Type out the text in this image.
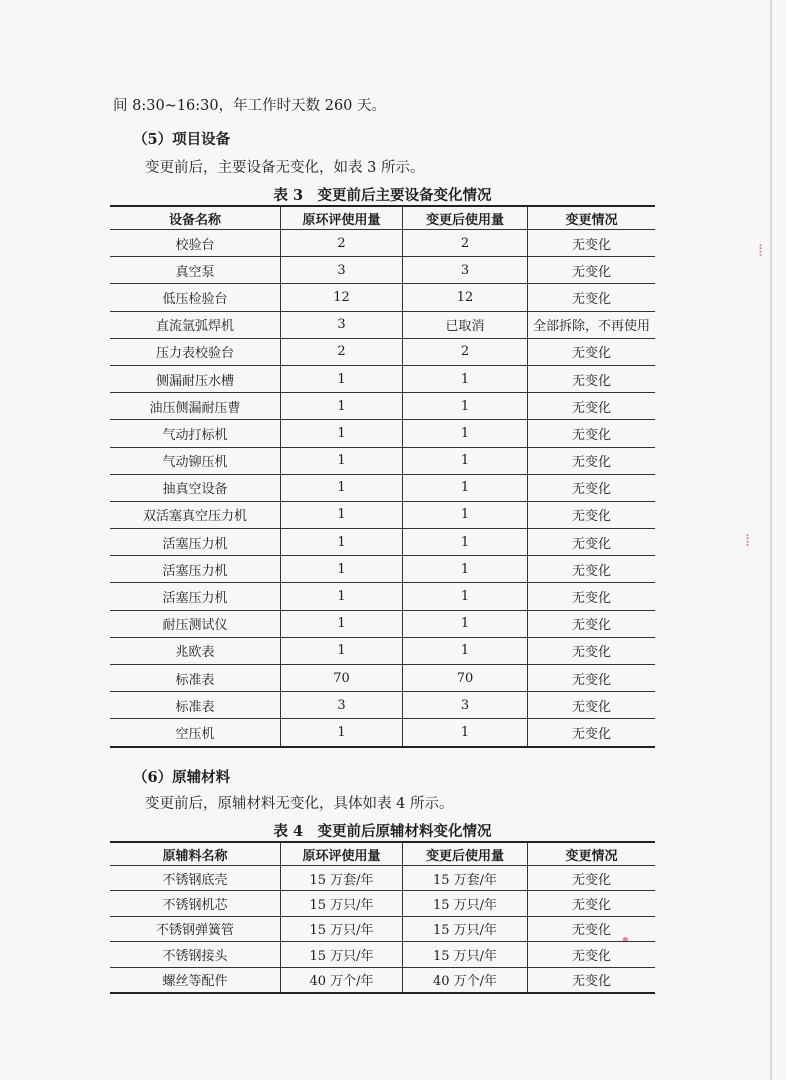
⁞
⁞
•
间 8:30~16:30，年工作时天数 260 天。
（5）项目设备
变更前后，主要设备无变化，如表 3 所示。
表 3　变更前后主要设备变化情况
设备名称	原环评使用量	变更后使用量	变更情况
校验台	2	2	无变化
真空泵	3	3	无变化
低压检验台	12	12	无变化
直流氩弧焊机	3	已取消	全部拆除，不再使用
压力表校验台	2	2	无变化
侧漏耐压水槽	1	1	无变化
油压侧漏耐压曹	1	1	无变化
气动打标机	1	1	无变化
气动铆压机	1	1	无变化
抽真空设备	1	1	无变化
双活塞真空压力机	1	1	无变化
活塞压力机	1	1	无变化
活塞压力机	1	1	无变化
活塞压力机	1	1	无变化
耐压测试仪	1	1	无变化
兆欧表	1	1	无变化
标准表	70	70	无变化
标准表	3	3	无变化
空压机	1	1	无变化
（6）原辅材料
变更前后，原辅材料无变化，具体如表 4 所示。
表 4　变更前后原辅材料变化情况
原辅料名称	原环评使用量	变更后使用量	变更情况
不锈钢底壳	15 万套/年	15 万套/年	无变化
不锈钢机芯	15 万只/年	15 万只/年	无变化
不锈钢弹簧管	15 万只/年	15 万只/年	无变化
不锈钢接头	15 万只/年	15 万只/年	无变化
螺丝等配件	40 万个/年	40 万个/年	无变化
